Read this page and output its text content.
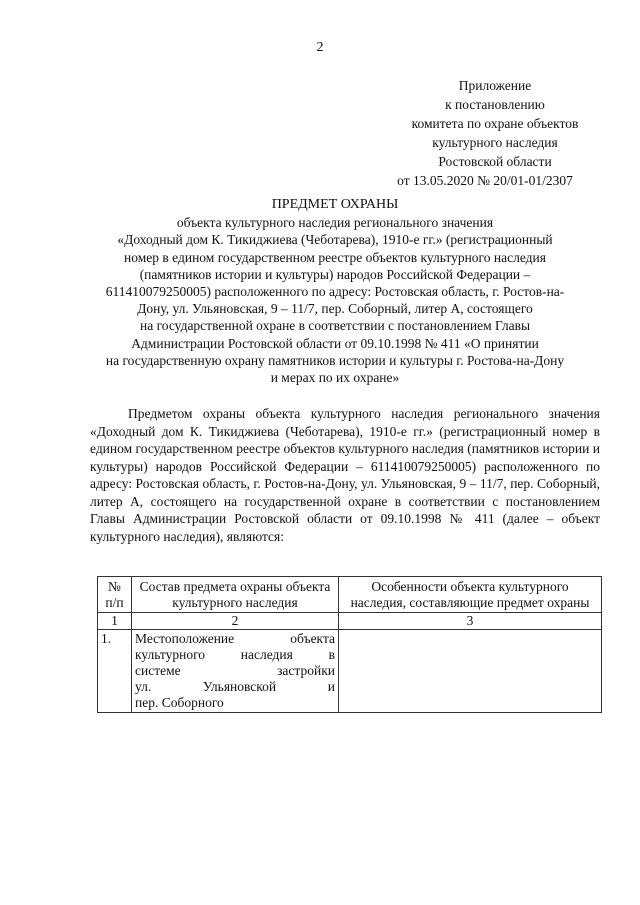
2
Приложение
к постановлению
комитета по охране объектов
культурного наследия
Ростовской области
от 13.05.2020 № 20/01-01/2307
ПРЕДМЕТ ОХРАНЫ
объекта культурного наследия регионального значения
«Доходный дом К. Тикиджиева (Чеботарева), 1910-е гг.» (регистрационный
номер в едином государственном реестре объектов культурного наследия
(памятников истории и культуры) народов Российской Федерации –
611410079250005) расположенного по адресу: Ростовская область, г. Ростов-на-
Дону, ул. Ульяновская, 9 – 11/7, пер. Соборный, литер А, состоящего
на государственной охране в соответствии с постановлением Главы
Администрации Ростовской области от 09.10.1998 № 411 «О принятии
на государственную охрану памятников истории и культуры г. Ростова-на-Дону
и мерах по их охране»
Предметом охраны объекта культурного наследия регионального значения «Доходный дом К. Тикиджиева (Чеботарева), 1910-е гг.» (регистрационный номер в едином государственном реестре объектов культурного наследия (памятников истории и культуры) народов Российской Федерации – 611410079250005) расположенного по адресу: Ростовская область, г. Ростов-на-Дону, ул. Ульяновская, 9 – 11/7, пер. Соборный, литер А, состоящего на государственной охране в соответствии с постановлением Главы Администрации Ростовской области от 09.10.1998 № 411 (далее – объект культурного наследия), являются:
№ п/п	Состав предмета охраны объекта культурного наследия	Особенности объекта культурного наследия, составляющие предмет охраны
1	2	3
1.	Местоположение объекта
культурного наследия в
системе застройки
ул. Ульяновской и
пер. Соборного	
